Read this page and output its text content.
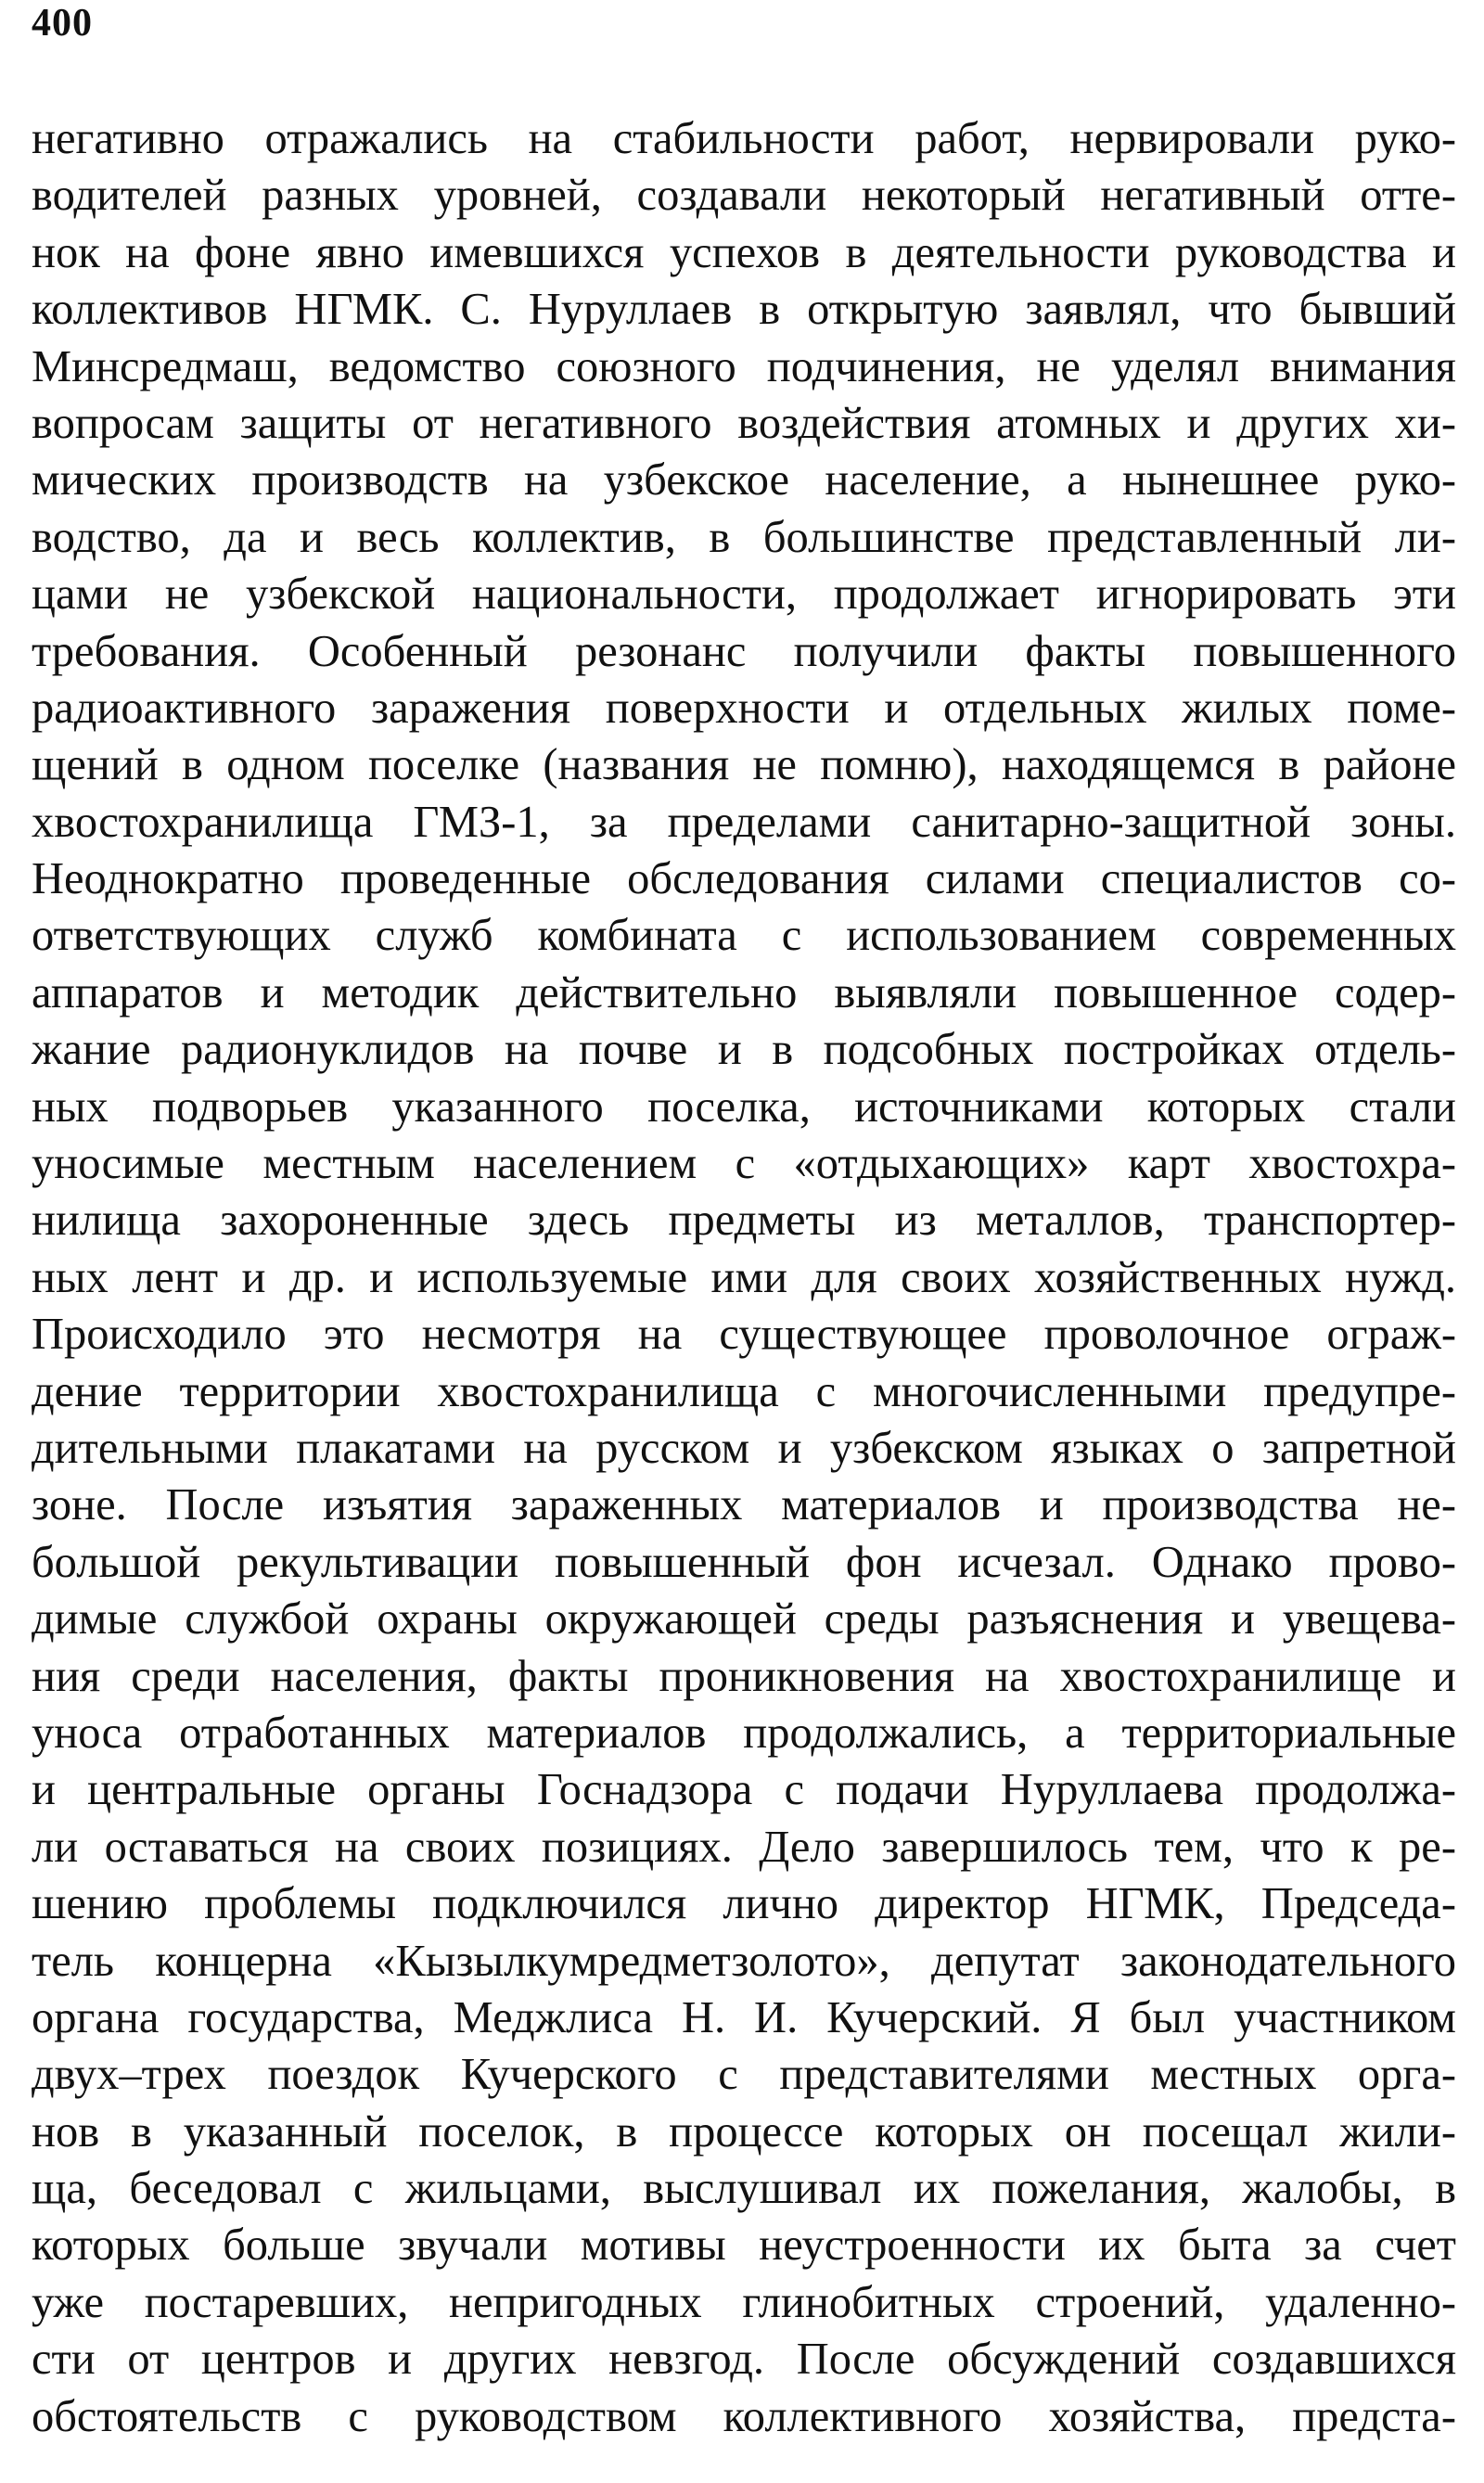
400
негативно отражались на стабильности работ, нервировали руко-
водителей разных уровней, создавали некоторый негативный отте-
нок на фоне явно имевшихся успехов в деятельности руководства и
коллективов НГМК. С. Нуруллаев в открытую заявлял, что бывший
Минсредмаш, ведомство союзного подчинения, не уделял внимания
вопросам защиты от негативного воздействия атомных и других хи-
мических производств на узбекское население, а нынешнее руко-
водство, да и весь коллектив, в большинстве представленный ли-
цами не узбекской национальности, продолжает игнорировать эти
требования. Особенный резонанс получили факты повышенного
радиоактивного заражения поверхности и отдельных жилых поме-
щений в одном поселке (названия не помню), находящемся в районе
хвостохранилища ГМЗ-1, за пределами санитарно-защитной зоны.
Неоднократно проведенные обследования силами специалистов со-
ответствующих служб комбината с использованием современных
аппаратов и методик действительно выявляли повышенное содер-
жание радионуклидов на почве и в подсобных постройках отдель-
ных подворьев указанного поселка, источниками которых стали
уносимые местным населением с «отдыхающих» карт хвостохра-
нилища захороненные здесь предметы из металлов, транспортер-
ных лент и др. и используемые ими для своих хозяйственных нужд.
Происходило это несмотря на существующее проволочное ограж-
дение территории хвостохранилища с многочисленными предупре-
дительными плакатами на русском и узбекском языках о запретной
зоне. После изъятия зараженных материалов и производства не-
большой рекультивации повышенный фон исчезал. Однако прово-
димые службой охраны окружающей среды разъяснения и увещева-
ния среди населения, факты проникновения на хвостохранилище и
уноса отработанных материалов продолжались, а территориальные
и центральные органы Госнадзора с подачи Нуруллаева продолжа-
ли оставаться на своих позициях. Дело завершилось тем, что к ре-
шению проблемы подключился лично директор НГМК, Председа-
тель концерна «Кызылкумредметзолото», депутат законодательного
органа государства, Меджлиса Н. И. Кучерский. Я был участником
двух–трех поездок Кучерского с представителями местных орга-
нов в указанный поселок, в процессе которых он посещал жили-
ща, беседовал с жильцами, выслушивал их пожелания, жалобы, в
которых больше звучали мотивы неустроенности их быта за счет
уже постаревших, непригодных глинобитных строений, удаленно-
сти от центров и других невзгод. После обсуждений создавшихся
обстоятельств с руководством коллективного хозяйства, предста-
